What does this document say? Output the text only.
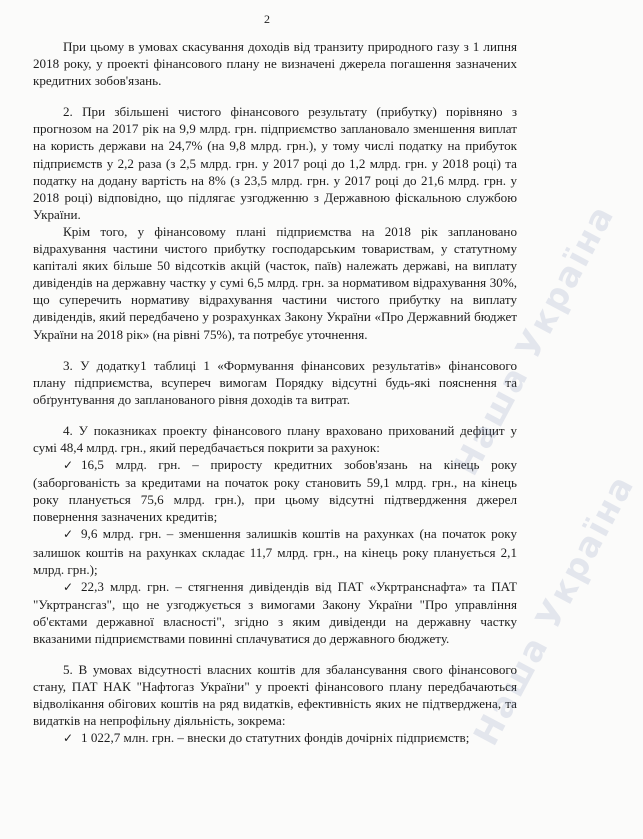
2

При цьому в умовах скасування доходів від транзиту природного газу з 1 липня 2018 року, у проекті фінансового плану не визначені джерела погашення зазначених кредитних зобов'язань.

2. При збільшені чистого фінансового результату (прибутку) порівняно з прогнозом на 2017 рік на 9,9 млрд. грн. підприємство заплановало зменшення виплат на користь держави на 24,7% (на 9,8 млрд. грн.), у тому числі податку на прибуток підприємств у 2,2 раза (з 2,5 млрд. грн. у 2017 році до 1,2 млрд. грн. у 2018 році) та податку на додану вартість на 8% (з 23,5 млрд. грн. у 2017 році до 21,6 млрд. грн. у 2018 році) відповідно, що підлягає узгодженню з Державною фіскальною службою України.

Крім того, у фінансовому плані підприємства на 2018 рік заплановано відрахування частини чистого прибутку господарським товариствам, у статутному капіталі яких більше 50 відсотків акцій (часток, паїв) належать державі, на виплату дивідендів на державну частку у сумі 6,5 млрд. грн. за нормативом відрахування 30%, що суперечить нормативу відрахування частини чистого прибутку на виплату дивідендів, який передбачено у розрахунках Закону України «Про Державний бюджет України на 2018 рік» (на рівні 75%), та потребує уточнення.

3. У додатку1 таблиці 1 «Формування фінансових результатів» фінансового плану підприємства, всупереч вимогам Порядку відсутні будь-які пояснення та обґрунтування до запланованого рівня доходів та витрат.

4. У показниках проекту фінансового плану враховано прихований дефіцит у сумі 48,4 млрд. грн., який передбачається покрити за рахунок:

✓ 16,5 млрд. грн. – приросту кредитних зобов'язань на кінець року (заборгованість за кредитами на початок року становить 59,1 млрд. грн., на кінець року планується 75,6 млрд. грн.), при цьому відсутні підтвердження джерел повернення зазначених кредитів;

✓ 9,6 млрд. грн. – зменшення залишків коштів на рахунках (на початок року залишок коштів на рахунках складає 11,7 млрд. грн., на кінець року планується 2,1 млрд. грн.);

✓ 22,3 млрд. грн. – стягнення дивідендів від ПАТ «Укртранснафта» та ПАТ "Укртрансгаз", що не узгоджується з вимогами Закону України "Про управління об'єктами державної власності", згідно з яким дивіденди на державну частку вказаними підприємствами повинні сплачуватися до державного бюджету.

5. В умовах відсутності власних коштів для збалансування свого фінансового стану, ПАТ НАК "Нафтогаз України" у проекті фінансового плану передбачаються відволікання обігових коштів на ряд видатків, ефективність яких не підтверджена, та видатків на непрофільну діяльність, зокрема:

✓ 1 022,7 млн. грн. – внески до статутних фондів дочірніх підприємств;

Наша Україна
Наша Україна
